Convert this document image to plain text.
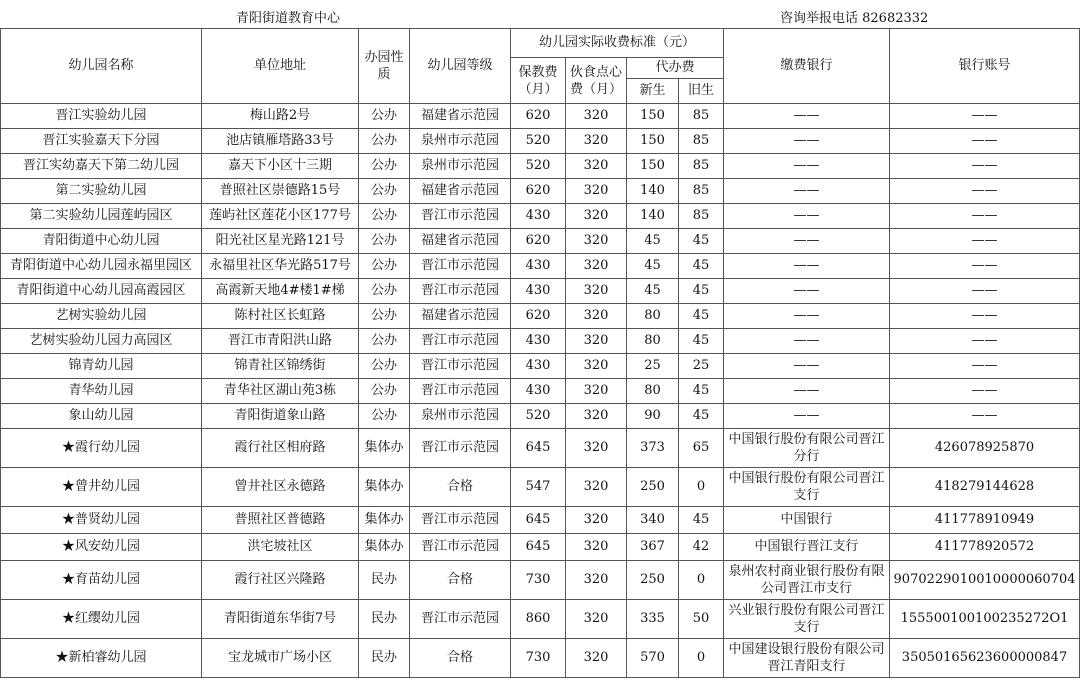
青阳街道教育中心	咨询举报电话 82682332
幼儿园名称	单位地址	办园性质	幼儿园等级	幼儿园实际收费标准（元）				缴费银行	银行账号
				保教费（月）	伙食点心费（月）	代办费			
						新生	旧生		
晋江实验幼儿园	梅山路2号	公办	福建省示范园	620	320	150	85	——	——
晋江实验嘉天下分园	池店镇雁塔路33号	公办	泉州市示范园	520	320	150	85	——	——
晋江实幼嘉天下第二幼儿园	嘉天下小区十三期	公办	泉州市示范园	520	320	150	85	——	——
第二实验幼儿园	普照社区崇德路15号	公办	福建省示范园	620	320	140	85	——	——
第二实验幼儿园莲屿园区	莲屿社区莲花小区177号	公办	晋江市示范园	430	320	140	85	——	——
青阳街道中心幼儿园	阳光社区星光路121号	公办	福建省示范园	620	320	45	45	——	——
青阳街道中心幼儿园永福里园区	永福里社区华光路517号	公办	晋江市示范园	430	320	45	45	——	——
青阳街道中心幼儿园高霞园区	高霞新天地4#楼1#梯	公办	晋江市示范园	430	320	45	45	——	——
艺树实验幼儿园	陈村社区长虹路	公办	福建省示范园	620	320	80	45	——	——
艺树实验幼儿园力高园区	晋江市青阳洪山路	公办	晋江市示范园	430	320	80	45	——	——
锦青幼儿园	锦青社区锦绣街	公办	晋江市示范园	430	320	25	25	——	——
青华幼儿园	青华社区湖山苑3栋	公办	晋江市示范园	430	320	80	45	——	——
象山幼儿园	青阳街道象山路	公办	泉州市示范园	520	320	90	45	——	——
★霞行幼儿园	霞行社区相府路	集体办	晋江市示范园	645	320	373	65	中国银行股份有限公司晋江分行	426078925870
★曾井幼儿园	曾井社区永德路	集体办	合格	547	320	250	0	中国银行股份有限公司晋江支行	418279144628
★普贤幼儿园	普照社区普德路	集体办	晋江市示范园	645	320	340	45	中国银行	411778910949
★风安幼儿园	洪宅坡社区	集体办	晋江市示范园	645	320	367	42	中国银行晋江支行	411778920572
★育苗幼儿园	霞行社区兴隆路	民办	合格	730	320	250	0	泉州农村商业银行股份有限公司晋江市支行	9070229010010000060704
★红缨幼儿园	青阳街道东华街7号	民办	晋江市示范园	860	320	335	50	兴业银行股份有限公司晋江支行	155500100100235272O1
★新柏睿幼儿园	宝龙城市广场小区	民办	合格	730	320	570	0	中国建设银行股份有限公司晋江青阳支行	35050165623600000847
